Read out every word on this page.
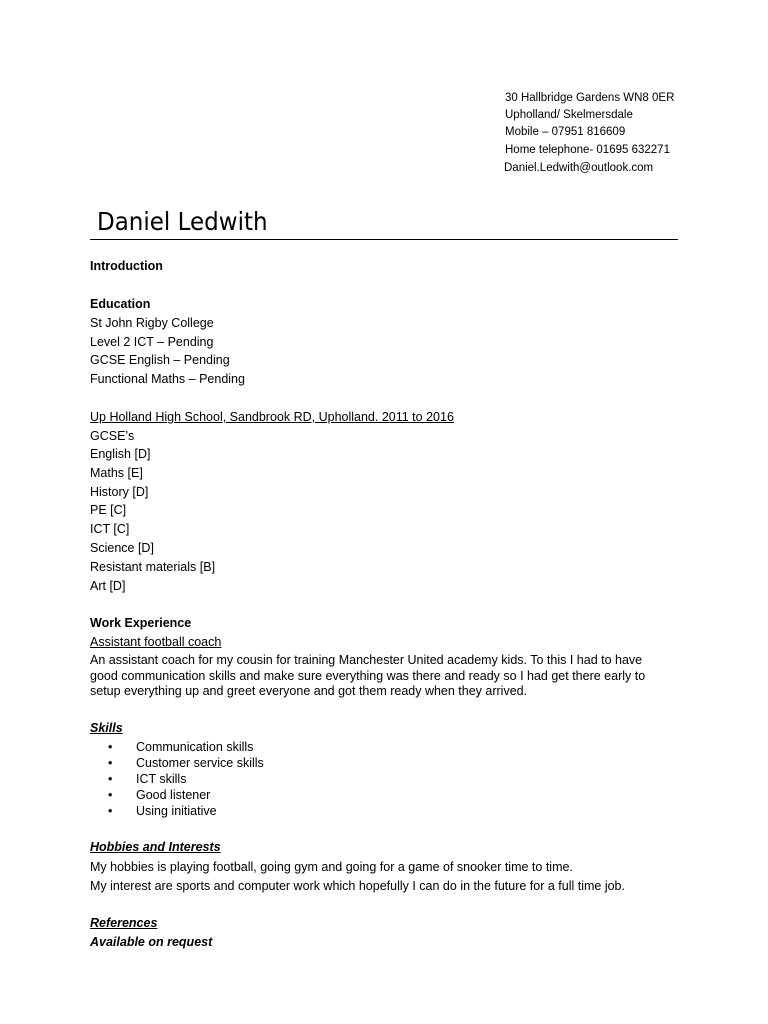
30 Hallbridge Gardens WN8 0ER
Upholland/ Skelmersdale
Mobile – 07951 816609
Home telephone- 01695 632271
Daniel.Ledwith@outlook.com
Daniel Ledwith
Introduction
Education
St John Rigby College
Level 2 ICT – Pending
GCSE English – Pending
Functional Maths – Pending
Up Holland High School, Sandbrook RD, Upholland. 2011 to 2016
GCSE’s
English [D]
Maths [E]
History [D]
PE [C]
ICT [C]
Science [D]
Resistant materials [B]
Art [D]
Work Experience
Assistant football coach
An assistant coach for my cousin for training Manchester United academy kids. To this I had to have good communication skills and make sure everything was there and ready so I had get there early to setup everything up and greet everyone and got them ready when they arrived.
Skills
• Communication skills
• Customer service skills
• ICT skills
• Good listener
• Using initiative
Hobbies and Interests
My hobbies is playing football, going gym and going for a game of snooker time to time.
My interest are sports and computer work which hopefully I can do in the future for a full time job.
References
Available on request
